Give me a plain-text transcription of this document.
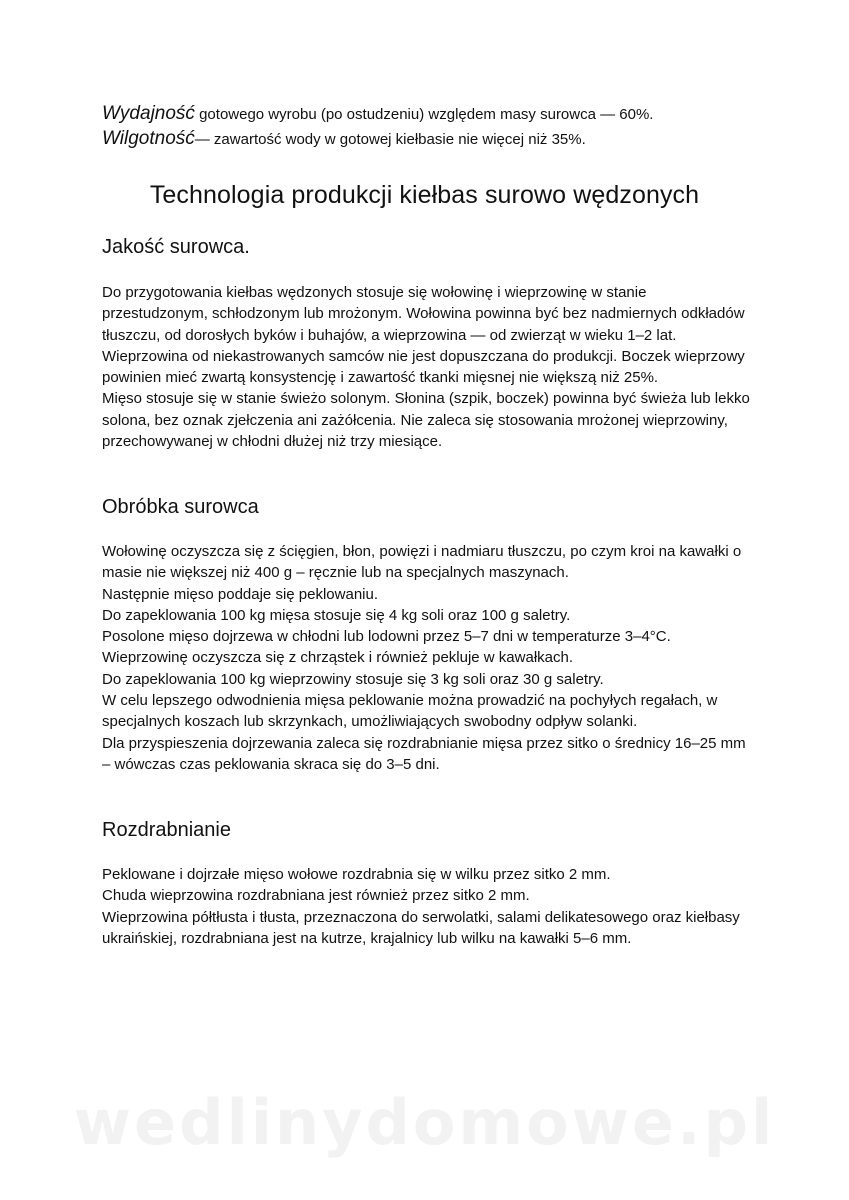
Wydajność gotowego wyrobu (po ostudzeniu) względem masy surowca — 60%.
Wilgotność— zawartość wody w gotowej kiełbasie nie więcej niż 35%.
Technologia produkcji kiełbas surowo wędzonych
Jakość surowca.

Do przygotowania kiełbas wędzonych stosuje się wołowinę i wieprzowinę w stanie przestudzonym, schłodzonym lub mrożonym. Wołowina powinna być bez nadmiernych odkładów tłuszczu, od dorosłych byków i buhajów, a wieprzowina — od zwierząt w wieku 1–2 lat. Wieprzowina od niekastrowanych samców nie jest dopuszczana do produkcji. Boczek wieprzowy powinien mieć zwartą konsystencję i zawartość tkanki mięsnej nie większą niż 25%.

Mięso stosuje się w stanie świeżo solonym. Słonina (szpik, boczek) powinna być świeża lub lekko solona, bez oznak zjełczenia ani zażółcenia. Nie zaleca się stosowania mrożonej wieprzowiny, przechowywanej w chłodni dłużej niż trzy miesiące.

Obróbka surowca

Wołowinę oczyszcza się z ścięgien, błon, powięzi i nadmiaru tłuszczu, po czym kroi na kawałki o masie nie większej niż 400 g – ręcznie lub na specjalnych maszynach.

Następnie mięso poddaje się peklowaniu.

Do zapeklowania 100 kg mięsa stosuje się 4 kg soli oraz 100 g saletry.

Posolone mięso dojrzewa w chłodni lub lodowni przez 5–7 dni w temperaturze 3–4°C.

Wieprzowinę oczyszcza się z chrząstek i również pekluje w kawałkach.

Do zapeklowania 100 kg wieprzowiny stosuje się 3 kg soli oraz 30 g saletry.

W celu lepszego odwodnienia mięsa peklowanie można prowadzić na pochyłych regałach, w specjalnych koszach lub skrzynkach, umożliwiających swobodny odpływ solanki.

Dla przyspieszenia dojrzewania zaleca się rozdrabnianie mięsa przez sitko o średnicy 16–25 mm – wówczas czas peklowania skraca się do 3–5 dni.

Rozdrabnianie

Peklowane i dojrzałe mięso wołowe rozdrabnia się w wilku przez sitko 2 mm.

Chuda wieprzowina rozdrabniana jest również przez sitko 2 mm.

Wieprzowina półtłusta i tłusta, przeznaczona do serwolatki, salami delikatesowego oraz kiełbasy ukraińskiej, rozdrabniana jest na kutrze, krajalnicy lub wilku na kawałki 5–6 mm.

wedlinydomowe.pl
